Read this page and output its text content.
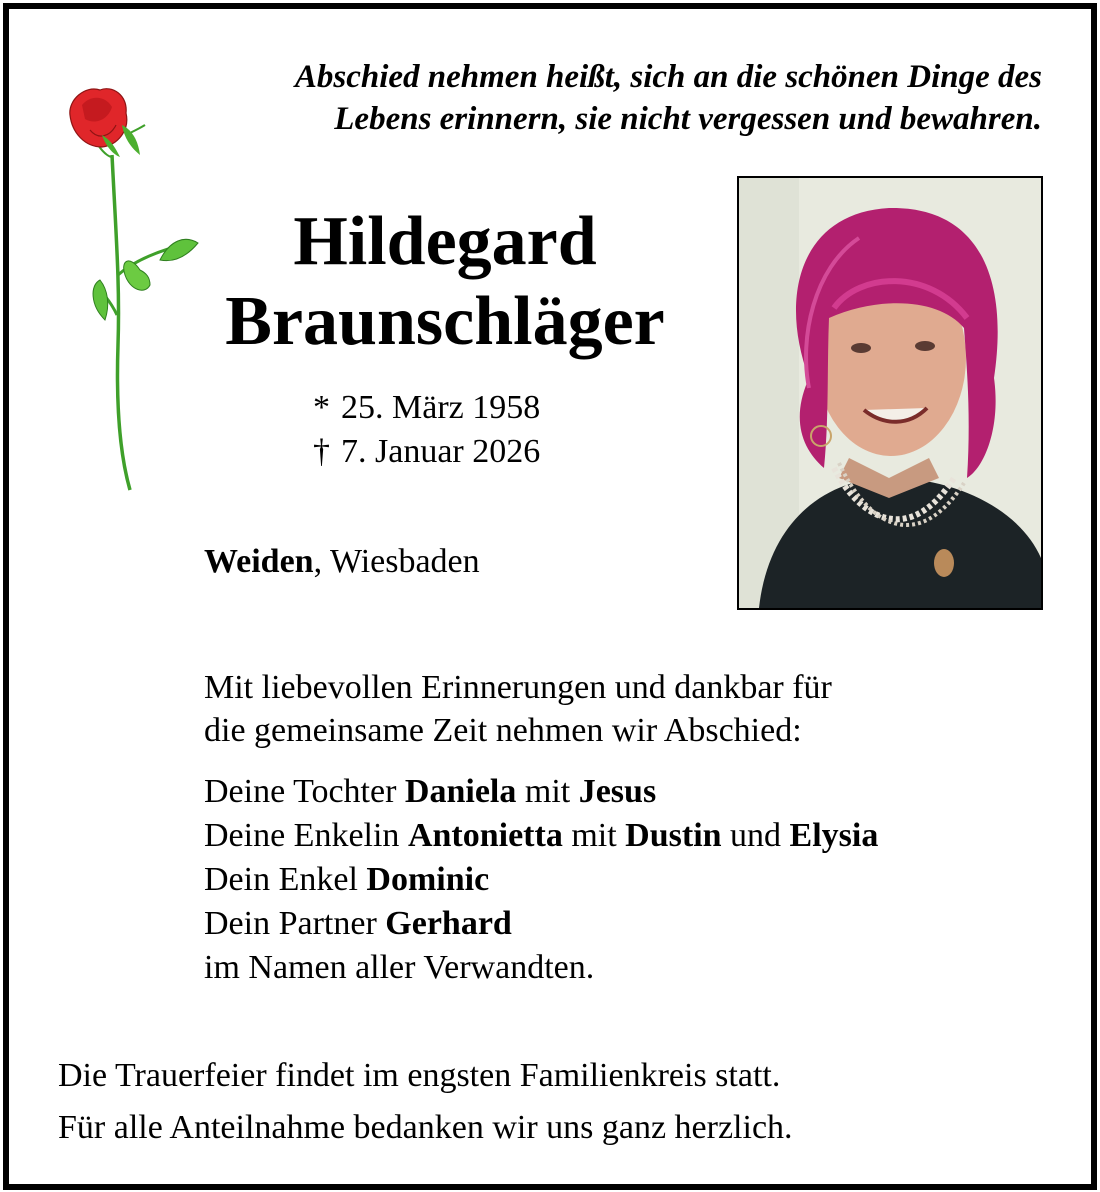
Abschied nehmen heißt, sich an die schönen Dinge des
Lebens erinnern, sie nicht vergessen und bewahren.
Hildegard
Braunschläger
* 25. März 1958
† 7. Januar 2026
Weiden, Wiesbaden
Mit liebevollen Erinnerungen und dankbar für
die gemeinsame Zeit nehmen wir Abschied:
Deine Tochter Daniela mit Jesus
Deine Enkelin Antonietta mit Dustin und Elysia
Dein Enkel Dominic
Dein Partner Gerhard
im Namen aller Verwandten.
Die Trauerfeier findet im engsten Familienkreis statt.
Für alle Anteilnahme bedanken wir uns ganz herzlich.
